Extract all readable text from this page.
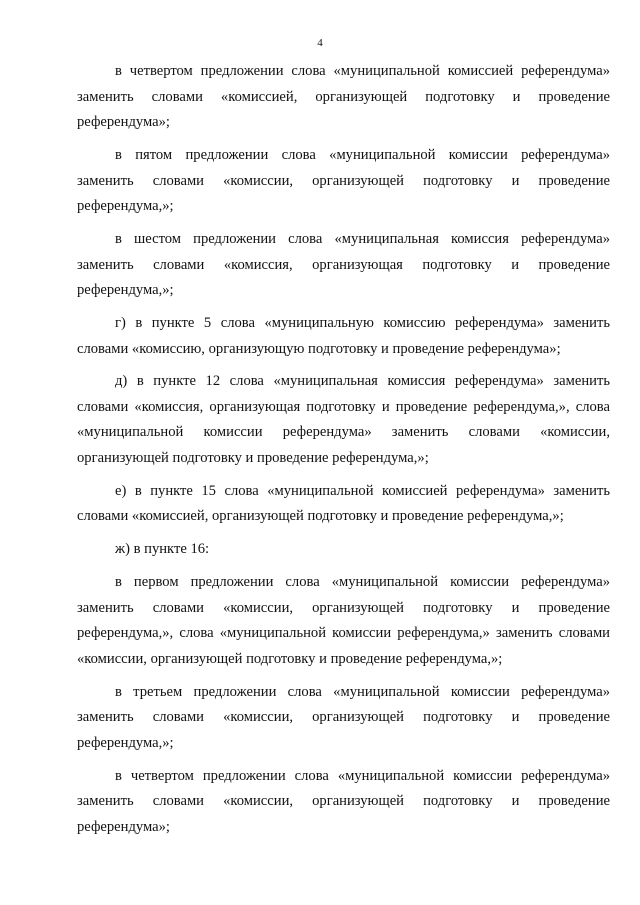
4

в четвертом предложении слова «муниципальной комиссией референдума» заменить словами «комиссией, организующей подготовку и проведение референдума»;

в пятом предложении слова «муниципальной комиссии референдума» заменить словами «комиссии, организующей подготовку и проведение референдума,»;

в шестом предложении слова «муниципальная комиссия референдума» заменить словами «комиссия, организующая подготовку и проведение референдума,»;

г) в пункте 5 слова «муниципальную комиссию референдума» заменить словами «комиссию, организующую подготовку и проведение референдума»;

д) в пункте 12 слова «муниципальная комиссия референдума» заменить словами «комиссия, организующая подготовку и проведение референдума,», слова «муниципальной комиссии референдума» заменить словами «комиссии, организующей подготовку и проведение референдума,»;

е) в пункте 15 слова «муниципальной комиссией референдума» заменить словами «комиссией, организующей подготовку и проведение референдума,»;

ж) в пункте 16:

в первом предложении слова «муниципальной комиссии референдума» заменить словами «комиссии, организующей подготовку и проведение референдума,», слова «муниципальной комиссии референдума,» заменить словами «комиссии, организующей подготовку и проведение референдума,»;

в третьем предложении слова «муниципальной комиссии референдума» заменить словами «комиссии, организующей подготовку и проведение референдума,»;

в четвертом предложении слова «муниципальной комиссии референдума» заменить словами «комиссии, организующей подготовку и проведение референдума»;
